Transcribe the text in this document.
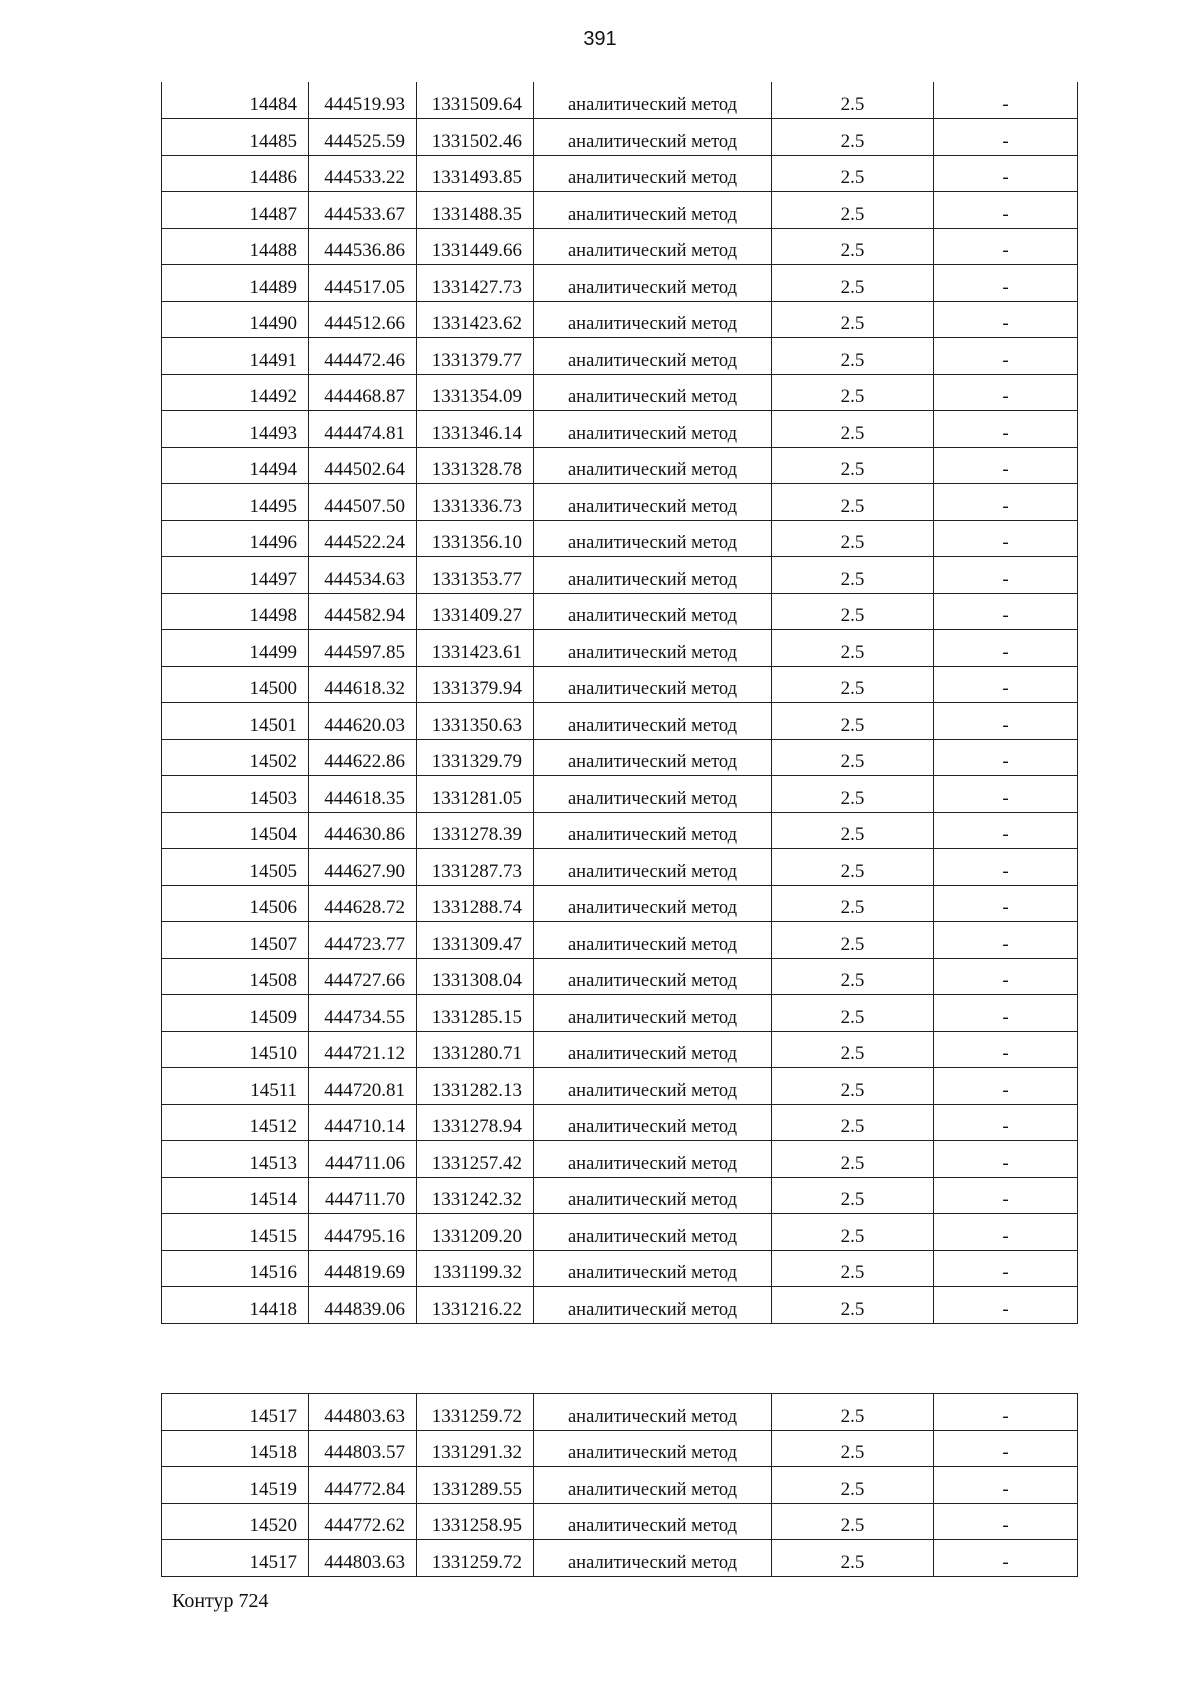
391
14484	444519.93	1331509.64	аналитический метод	2.5	-
14485	444525.59	1331502.46	аналитический метод	2.5	-
14486	444533.22	1331493.85	аналитический метод	2.5	-
14487	444533.67	1331488.35	аналитический метод	2.5	-
14488	444536.86	1331449.66	аналитический метод	2.5	-
14489	444517.05	1331427.73	аналитический метод	2.5	-
14490	444512.66	1331423.62	аналитический метод	2.5	-
14491	444472.46	1331379.77	аналитический метод	2.5	-
14492	444468.87	1331354.09	аналитический метод	2.5	-
14493	444474.81	1331346.14	аналитический метод	2.5	-
14494	444502.64	1331328.78	аналитический метод	2.5	-
14495	444507.50	1331336.73	аналитический метод	2.5	-
14496	444522.24	1331356.10	аналитический метод	2.5	-
14497	444534.63	1331353.77	аналитический метод	2.5	-
14498	444582.94	1331409.27	аналитический метод	2.5	-
14499	444597.85	1331423.61	аналитический метод	2.5	-
14500	444618.32	1331379.94	аналитический метод	2.5	-
14501	444620.03	1331350.63	аналитический метод	2.5	-
14502	444622.86	1331329.79	аналитический метод	2.5	-
14503	444618.35	1331281.05	аналитический метод	2.5	-
14504	444630.86	1331278.39	аналитический метод	2.5	-
14505	444627.90	1331287.73	аналитический метод	2.5	-
14506	444628.72	1331288.74	аналитический метод	2.5	-
14507	444723.77	1331309.47	аналитический метод	2.5	-
14508	444727.66	1331308.04	аналитический метод	2.5	-
14509	444734.55	1331285.15	аналитический метод	2.5	-
14510	444721.12	1331280.71	аналитический метод	2.5	-
14511	444720.81	1331282.13	аналитический метод	2.5	-
14512	444710.14	1331278.94	аналитический метод	2.5	-
14513	444711.06	1331257.42	аналитический метод	2.5	-
14514	444711.70	1331242.32	аналитический метод	2.5	-
14515	444795.16	1331209.20	аналитический метод	2.5	-
14516	444819.69	1331199.32	аналитический метод	2.5	-
14418	444839.06	1331216.22	аналитический метод	2.5	-
14517	444803.63	1331259.72	аналитический метод	2.5	-
14518	444803.57	1331291.32	аналитический метод	2.5	-
14519	444772.84	1331289.55	аналитический метод	2.5	-
14520	444772.62	1331258.95	аналитический метод	2.5	-
14517	444803.63	1331259.72	аналитический метод	2.5	-
Контур 724
